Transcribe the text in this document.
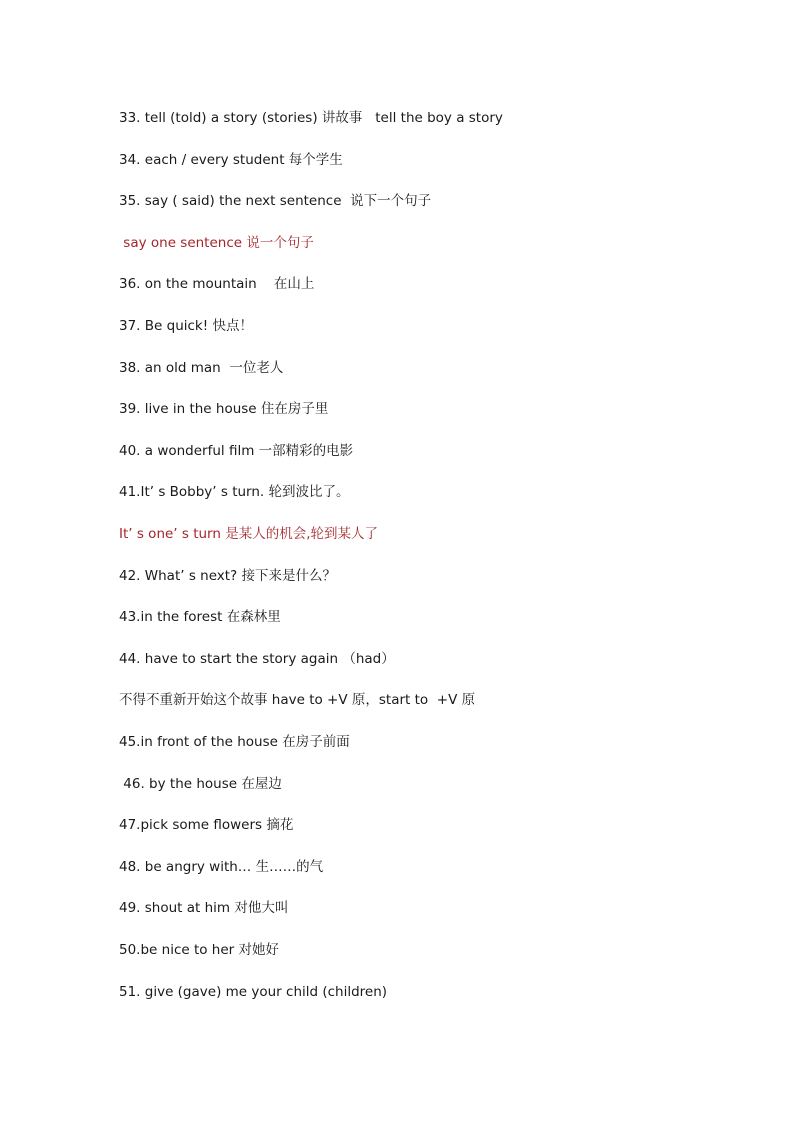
33. tell (told) a story (stories) 讲故事   tell the boy a story
34. each / every student 每个学生
35. say ( said) the next sentence  说下一个句子
say one sentence 说一个句子
36. on the mountain    在山上
37. Be quick! 快点！
38. an old man  一位老人
39. live in the house 住在房子里
40. a wonderful film 一部精彩的电影
41.It’ s Bobby’ s turn. 轮到波比了。
It’ s one’ s turn 是某人的机会,轮到某人了
42. What’ s next? 接下来是什么？
43.in the forest 在森林里
44. have to start the story again （had）
不得不重新开始这个故事 have to +V 原，start to  +V 原
45.in front of the house 在房子前面
46. by the house 在屋边
47.pick some flowers 摘花
48. be angry with… 生……的气
49. shout at him 对他大叫
50.be nice to her 对她好
51. give (gave) me your child (children)
